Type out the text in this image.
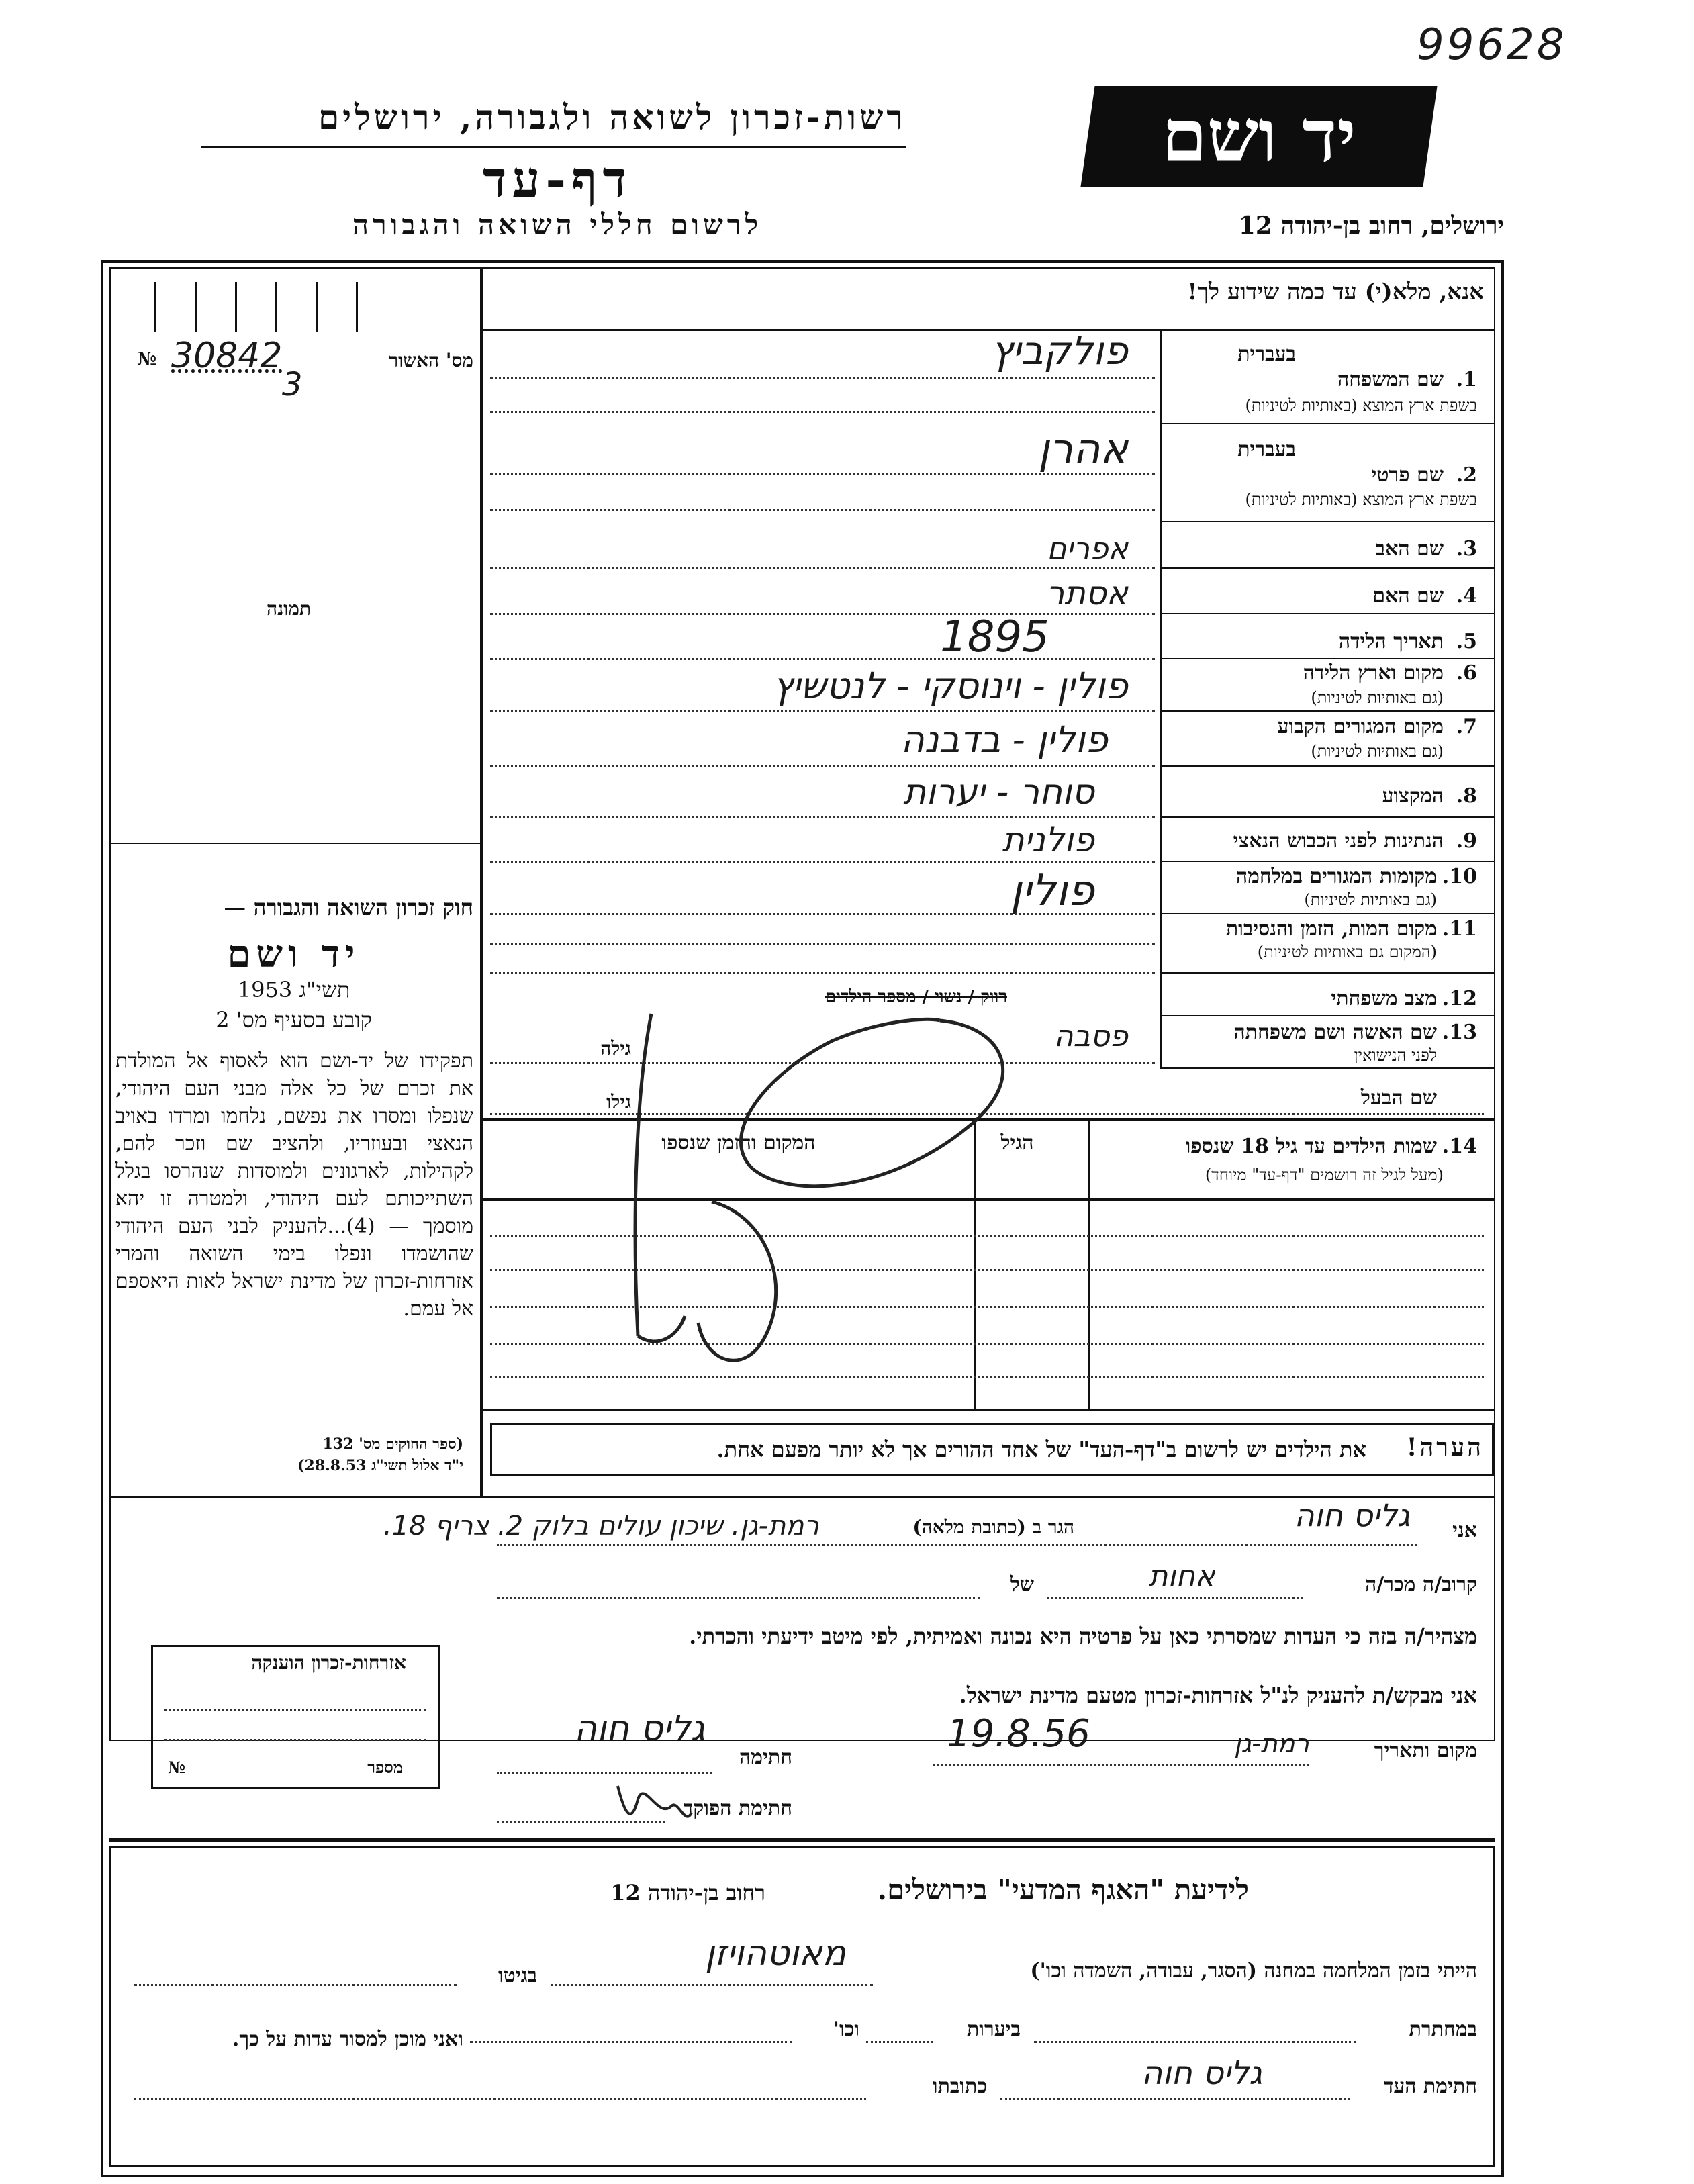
99628
רשות-זכרון לשואה ולגבורה, ירושלים
דף-עד
לרשום חללי השואה והגבורה
יד ושם
ירושלים, רחוב בן-יהודה 12
מס' האשור
№ 30842
3
תמונה
חוק זכרון השואה והגבורה —
יד ושם
תשי"ג 1953
קובע בסעיף מס' 2
תפקידו של יד-ושם הוא לאסוף אל המולדת את זכרם של כל אלה מבני העם היהודי, שנפלו ומסרו את נפשם, נלחמו ומרדו באויב הנאצי ובעוזריו, ולהציב שם וזכר להם, לקהילות, לארגונים ולמוסדות שנהרסו בגלל השתייכותם לעם היהודי, ולמטרה זו יהא מוסמך — (4)...להעניק לבני העם היהודי שהושמדו ונפלו בימי השואה והמרי אזרחות-זכרון של מדינת ישראל לאות היאספם אל עמם.
(ספר החוקים מס' 132
י"ד אלול תשי"ג 28.8.53)
אזרחות-זכרון הוענקה
מספר
№
אנא, מלא(י) עד כמה שידוע לך!
בעברית
1.
שם המשפחה
בשפת ארץ המוצא (באותיות לטיניות)
פולקביץ
בעברית
2.
שם פרטי
בשפת ארץ המוצא (באותיות לטיניות)
אהרן
3.
שם האב
אפרים
4.
שם האם
אסתר
5.
תאריך הלידה
1895
6.
מקום וארץ הלידה
(גם באותיות לטיניות)
פולין - וינוסקי - לנטשיץ
7.
מקום המגורים הקבוע
(גם באותיות לטיניות)
פולין - בדבנה
8.
המקצוע
סוחר - יערות
9.
הנתינות לפני הכבוש הנאצי
פולנית
10.
מקומות המגורים במלחמה
(גם באותיות לטיניות)
פולין
11.
מקום המות, הזמן והנסיבות
(המקום גם באותיות לטיניות)
12.
מצב משפחתי
רווק / נשוי / מספר הילדים
13.
שם האשה ושם משפחתה
לפני הנישואין
פסבה
גילה
שם הבעל
גילו
14.
שמות הילדים עד גיל 18 שנספו
(מעל לגיל זה רושמים "דף-עד" מיוחד)
הגיל
המקום והזמן שנספו
הערה!
את הילדים יש לרשום ב"דף-העד" של אחד ההורים אך לא יותר מפעם אחת.
אני
גליס חוה
הגר ב (כתובת מלאה)
רמת-גן. שיכון עולים בלוק 2. צריף 18.
קרוב/ה מכר/ה
אחות
של
מצהיר/ה בזה כי העדות שמסרתי כאן על פרטיה היא נכונה ואמיתית, לפי מיטב ידיעתי והכרתי.
אני מבקש/ת להעניק לנ"ל אזרחות-זכרון מטעם מדינת ישראל.
מקום ותאריך
רמת-גן
19.8.56
חתימה
גליס חוה
חתימת הפוקד
לידיעת "האגף המדעי" בירושלים.
רחוב בן-יהודה 12
הייתי בזמן המלחמה במחנה (הסגר, עבודה, השמדה וכו')
מאוטהויזן
בגיטו
במחתרת
ביערות
וכו'
ואני מוכן למסור עדות על כך.
חתימת העד
גליס חוה
כתובתו
